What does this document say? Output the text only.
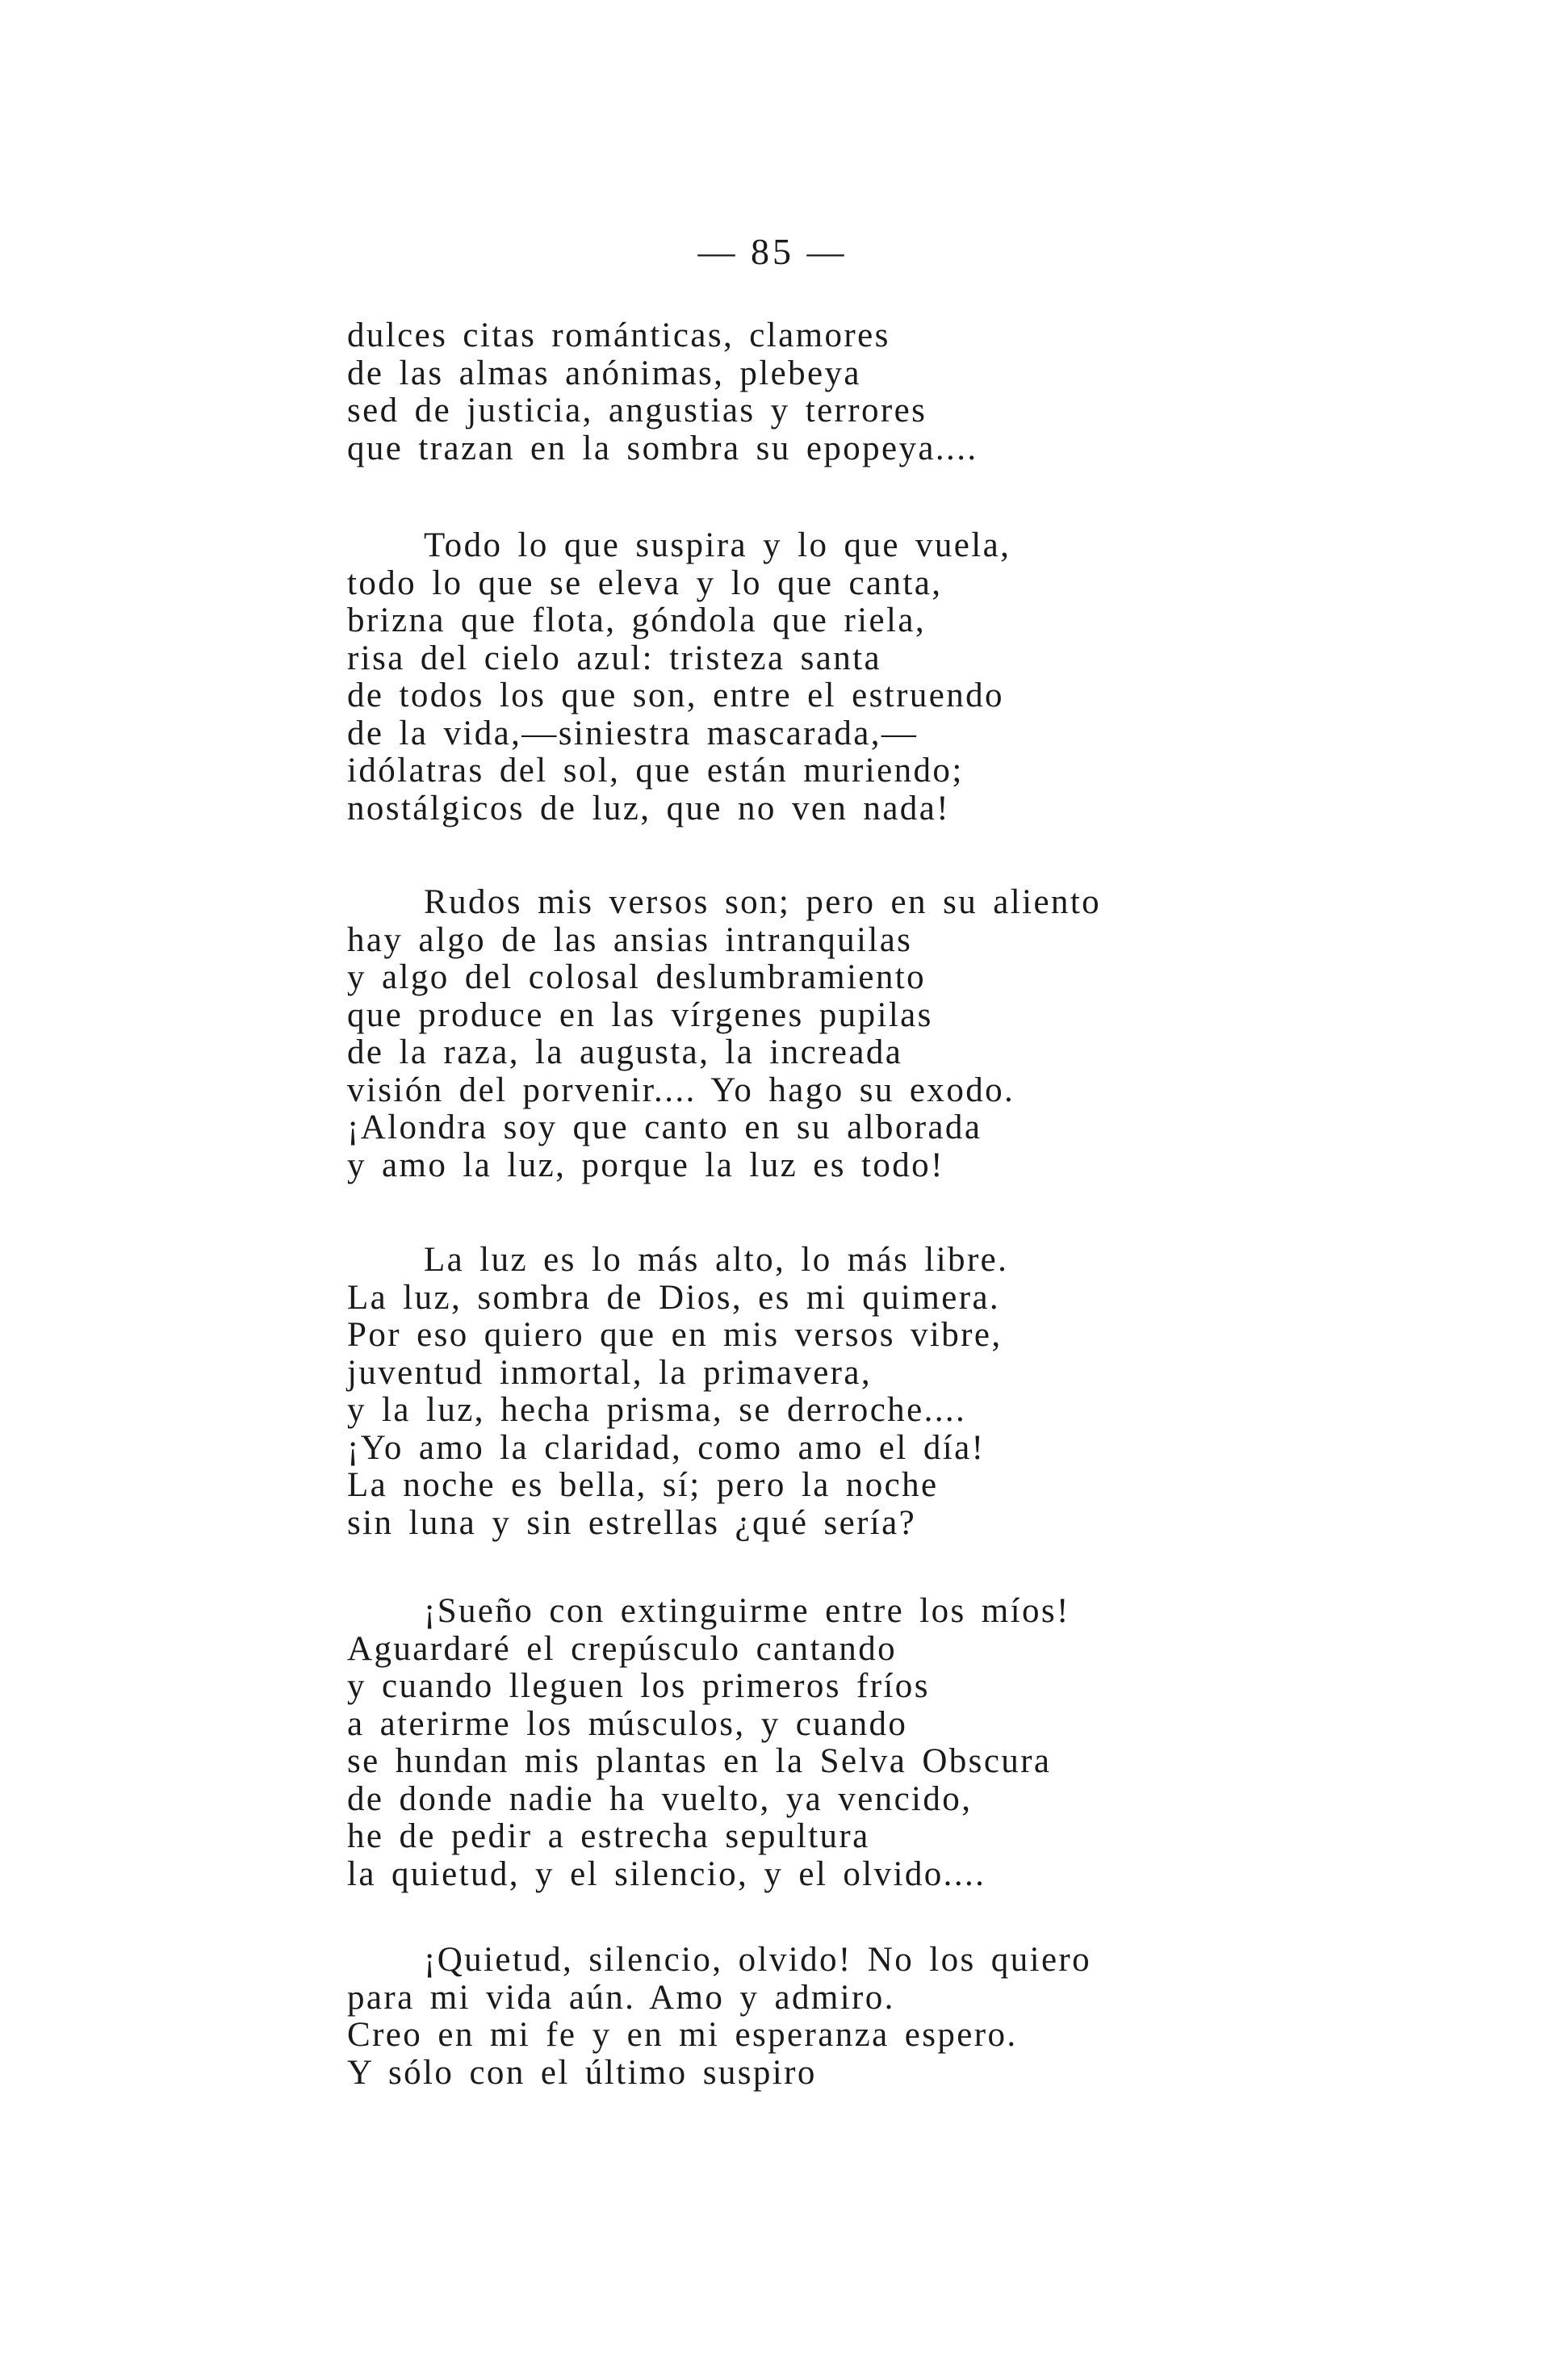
— 85 —
dulces citas románticas, clamores
de las almas anónimas, plebeya
sed de justicia, angustias y terrores
que trazan en la sombra su epopeya....
Todo lo que suspira y lo que vuela,
todo lo que se eleva y lo que canta,
brizna que flota, góndola que riela,
risa del cielo azul: tristeza santa
de todos los que son, entre el estruendo
de la vida,—siniestra mascarada,—
idólatras del sol, que están muriendo;
nostálgicos de luz, que no ven nada!
Rudos mis versos son; pero en su aliento
hay algo de las ansias intranquilas
y algo del colosal deslumbramiento
que produce en las vírgenes pupilas
de la raza, la augusta, la increada
visión del porvenir.... Yo hago su exodo.
¡Alondra soy que canto en su alborada
y amo la luz, porque la luz es todo!
La luz es lo más alto, lo más libre.
La luz, sombra de Dios, es mi quimera.
Por eso quiero que en mis versos vibre,
juventud inmortal, la primavera,
y la luz, hecha prisma, se derroche....
¡Yo amo la claridad, como amo el día!
La noche es bella, sí; pero la noche
sin luna y sin estrellas ¿qué sería?
¡Sueño con extinguirme entre los míos!
Aguardaré el crepúsculo cantando
y cuando lleguen los primeros fríos
a aterirme los músculos, y cuando
se hundan mis plantas en la Selva Obscura
de donde nadie ha vuelto, ya vencido,
he de pedir a estrecha sepultura
la quietud, y el silencio, y el olvido....
¡Quietud, silencio, olvido! No los quiero
para mi vida aún. Amo y admiro.
Creo en mi fe y en mi esperanza espero.
Y sólo con el último suspiro
